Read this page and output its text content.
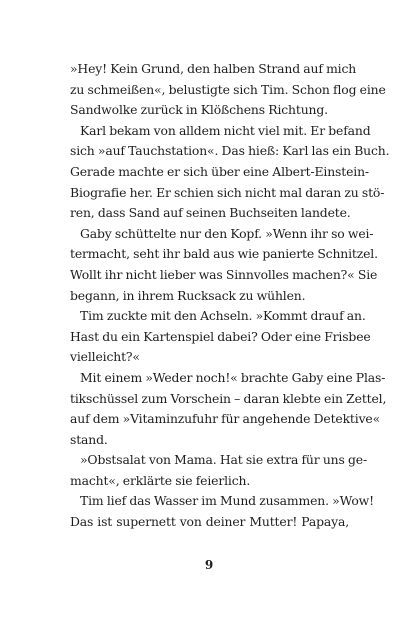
»Hey! Kein Grund, den halben Strand auf mich
zu schmeißen«, belustigte sich Tim. Schon flog eine
Sandwolke zurück in Klößchens Richtung.
Karl bekam von alldem nicht viel mit. Er befand
sich »auf Tauchstation«. Das hieß: Karl las ein Buch.
Gerade machte er sich über eine Albert-Einstein-
Biografie her. Er schien sich nicht mal daran zu stö-
ren, dass Sand auf seinen Buchseiten landete.
Gaby schüttelte nur den Kopf. »Wenn ihr so wei-
termacht, seht ihr bald aus wie panierte Schnitzel.
Wollt ihr nicht lieber was Sinnvolles machen?« Sie
begann, in ihrem Rucksack zu wühlen.
Tim zuckte mit den Achseln. »Kommt drauf an.
Hast du ein Kartenspiel dabei? Oder eine Frisbee
vielleicht?«
Mit einem »Weder noch!« brachte Gaby eine Plas-
tikschüssel zum Vorschein – daran klebte ein Zettel,
auf dem »Vitaminzufuhr für angehende Detektive«
stand.
»Obstsalat von Mama. Hat sie extra für uns ge-
macht«, erklärte sie feierlich.
Tim lief das Wasser im Mund zusammen. »Wow!
Das ist supernett von deiner Mutter! Papaya,
9
